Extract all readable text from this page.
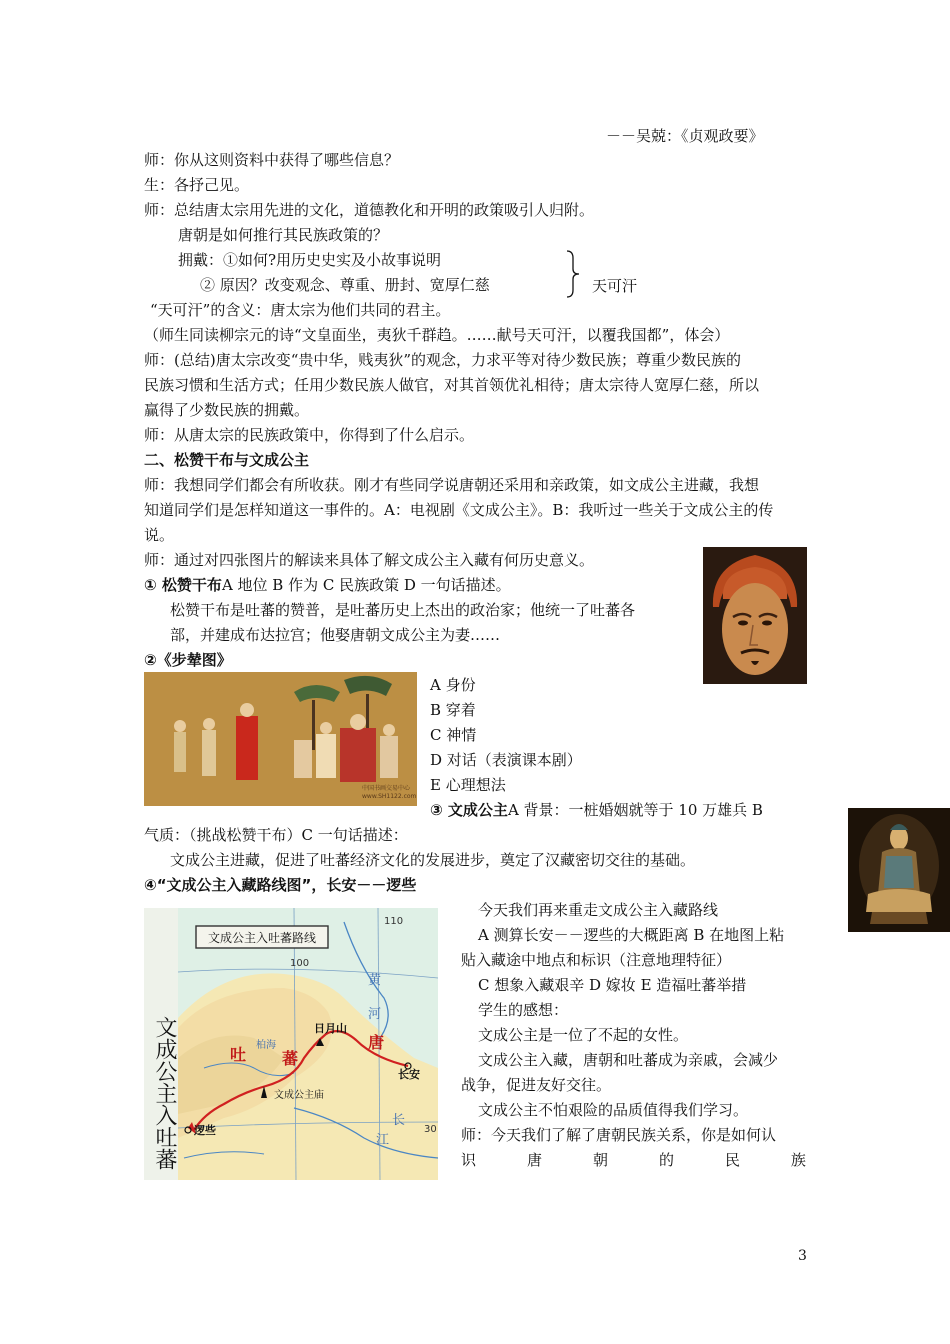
－－吴兢：《贞观政要》
师：你从这则资料中获得了哪些信息？
生：各抒己见。
师：总结唐太宗用先进的文化，道德教化和开明的政策吸引人归附。
唐朝是如何推行其民族政策的？
拥戴：①如何?用历史史实及小故事说明
② 原因？改变观念、尊重、册封、宽厚仁慈	天可汗
“天可汗”的含义：唐太宗为他们共同的君主。
（师生同读柳宗元的诗“文皇面坐，夷狄千群趋。……献号天可汗，以覆我国都”，体会）
师：(总结)唐太宗改变“贵中华，贱夷狄”的观念，力求平等对待少数民族；尊重少数民族的
民族习惯和生活方式；任用少数民族人做官，对其首领优礼相待；唐太宗待人宽厚仁慈，所以
赢得了少数民族的拥戴。
师：从唐太宗的民族政策中，你得到了什么启示。
二、松赞干布与文成公主
师：我想同学们都会有所收获。刚才有些同学说唐朝还采用和亲政策，如文成公主进藏，我想
知道同学们是怎样知道这一事件的。A：电视剧《文成公主》。B：我听过一些关于文成公主的传
说。
师：通过对四张图片的解读来具体了解文成公主入藏有何历史意义。
① 松赞干布A 地位 B 作为 C 民族政策 D 一句话描述。
松赞干布是吐蕃的赞普，是吐蕃历史上杰出的政治家；他统一了吐蕃各
部，并建成布达拉宫；他娶唐朝文成公主为妻……
②《步辇图》
中国书画交易中心
www.SH1122.com
A 身份
B 穿着
C 神情
D 对话（表演课本剧）
E 心理想法
③ 文成公主A 背景：一桩婚姻就等于 10 万雄兵 B
气质：（挑战松赞干布）C 一句话描述：
文成公主进藏，促进了吐蕃经济文化的发展进步，奠定了汉藏密切交往的基础。
④“文成公主入藏路线图”，长安－－逻些
文成公主入吐蕃路线
110
100
30
黄
河
日月山
唐
长安
吐 蕃
柏海
文成公主庙
逻些
长
江
文成公主入吐蕃
今天我们再来重走文成公主入藏路线
A 测算长安－－逻些的大概距离 B 在地图上粘
贴入藏途中地点和标识（注意地理特征）
C 想象入藏艰辛 D 嫁妆 E 造福吐蕃举措
学生的感想：
文成公主是一位了不起的女性。
文成公主入藏，唐朝和吐蕃成为亲戚，会减少
战争，促进友好交往。
文成公主不怕艰险的品质值得我们学习。
师：今天我们了解了唐朝民族关系，你是如何认
识	唐	朝	的	民	族
3
